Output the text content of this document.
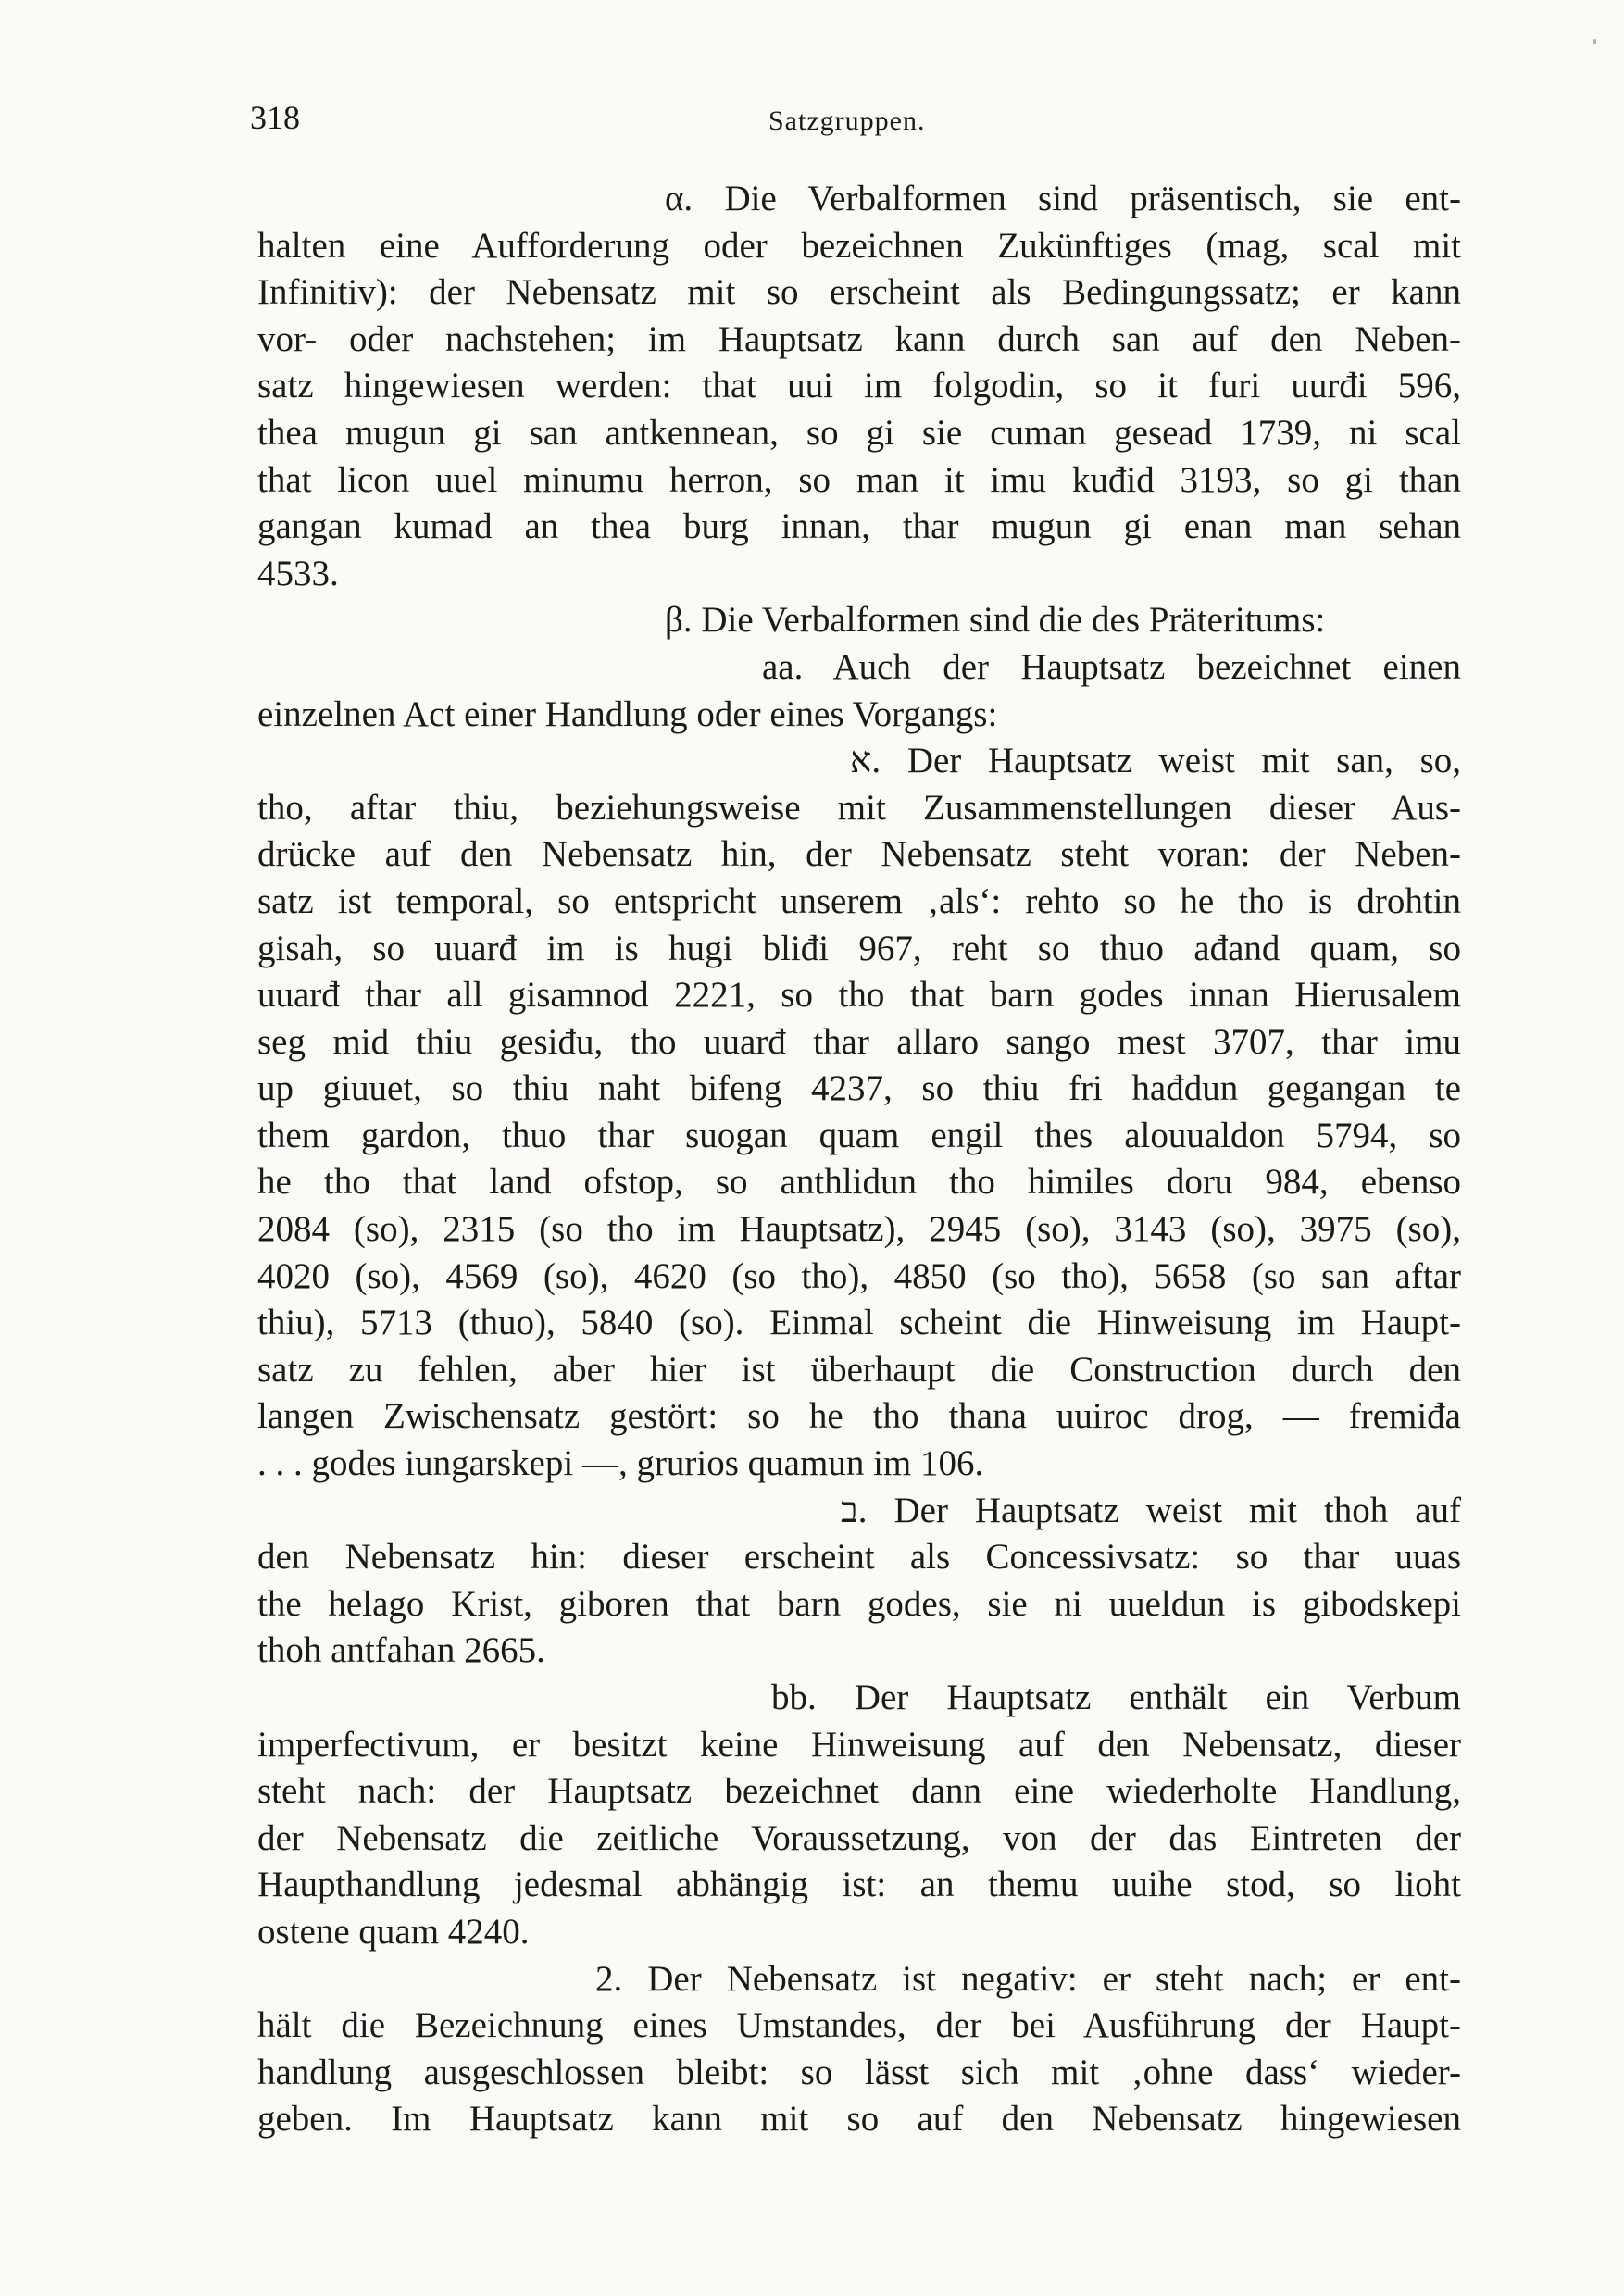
318	Satzgruppen.
α. Die Verbalformen sind präsentisch, sie ent-
halten eine Aufforderung oder bezeichnen Zukünftiges (mag, scal mit
Infinitiv): der Nebensatz mit so erscheint als Bedingungssatz; er kann
vor- oder nachstehen; im Hauptsatz kann durch san auf den Neben-
satz hingewiesen werden: that uui im folgodin, so it furi uurđi 596,
thea mugun gi san antkennean, so gi sie cuman gesead 1739, ni scal
that licon uuel minumu herron, so man it imu kuđid 3193, so gi than
gangan kumad an thea burg innan, thar mugun gi enan man sehan
4533.
β. Die Verbalformen sind die des Präteritums:
aa. Auch der Hauptsatz bezeichnet einen
einzelnen Act einer Handlung oder eines Vorgangs:
א. Der Hauptsatz weist mit san, so,
tho, aftar thiu, beziehungsweise mit Zusammenstellungen dieser Aus-
drücke auf den Nebensatz hin, der Nebensatz steht voran: der Neben-
satz ist temporal, so entspricht unserem ‚als‘: rehto so he tho is drohtin
gisah, so uuarđ im is hugi bliđi 967, reht so thuo ađand quam, so
uuarđ thar all gisamnod 2221, so tho that barn godes innan Hierusalem
seg mid thiu gesiđu, tho uuarđ thar allaro sango mest 3707, thar imu
up giuuet, so thiu naht bifeng 4237, so thiu fri hađdun gegangan te
them gardon, thuo thar suogan quam engil thes alouualdon 5794, so
he tho that land ofstop, so anthlidun tho himiles doru 984, ebenso
2084 (so), 2315 (so tho im Hauptsatz), 2945 (so), 3143 (so), 3975 (so),
4020 (so), 4569 (so), 4620 (so tho), 4850 (so tho), 5658 (so san aftar
thiu), 5713 (thuo), 5840 (so). Einmal scheint die Hinweisung im Haupt-
satz zu fehlen, aber hier ist überhaupt die Construction durch den
langen Zwischensatz gestört: so he tho thana uuiroc drog, — fremiđa
. . . godes iungarskepi —, grurios quamun im 106.
ב. Der Hauptsatz weist mit thoh auf
den Nebensatz hin: dieser erscheint als Concessivsatz: so thar uuas
the helago Krist, giboren that barn godes, sie ni uueldun is gibodskepi
thoh antfahan 2665.
bb. Der Hauptsatz enthält ein Verbum
imperfectivum, er besitzt keine Hinweisung auf den Nebensatz, dieser
steht nach: der Hauptsatz bezeichnet dann eine wiederholte Handlung,
der Nebensatz die zeitliche Voraussetzung, von der das Eintreten der
Haupthandlung jedesmal abhängig ist: an themu uuihe stod, so lioht
ostene quam 4240.
2. Der Nebensatz ist negativ: er steht nach; er ent-
hält die Bezeichnung eines Umstandes, der bei Ausführung der Haupt-
handlung ausgeschlossen bleibt: so lässt sich mit ‚ohne dass‘ wieder-
geben. Im Hauptsatz kann mit so auf den Nebensatz hingewiesen
